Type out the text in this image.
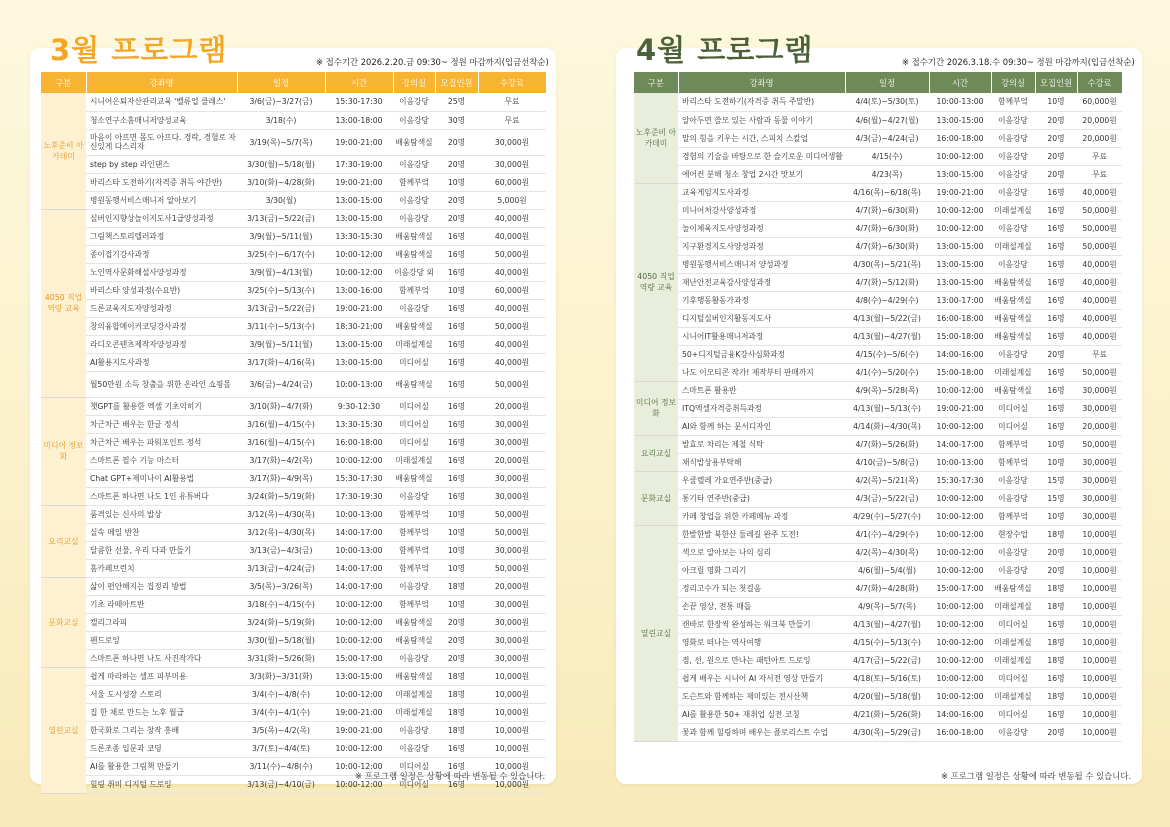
3월 프로그램	※ 접수기간 2026.2.20.금 09:30~ 정원 마감까지(입금선착순)
구분	강좌명	일정	시간	강의실	모집인원	수강료
노후준비 아카데미	시니어은퇴자산관리교육 '밸류업 클래스'	3/6(금)~3/27(금)	15:30-17:30	이음강당	25명	무료
	청소연구소홈매니저양성교육	3/18(수)	13:00-18:00	이음강당	30명	무료
	마음이 아프면 몸도 아프다. 경락, 경혈로 자신있게 다스리자	3/19(목)~5/7(목)	19:00-21:00	배움탐색실	20명	30,000원
	step by step 라인댄스	3/30(월)~5/18(월)	17:30-19:00	이음강당	20명	30,000원
	바리스타 도전하기(자격증 취득 야간반)	3/10(화)~4/28(화)	19:00-21:00	함께부엌	10명	60,000원
	병원동행서비스매니저 알아보기	3/30(월)	13:00-15:00	이음강당	20명	5,000원
4050 직업역량 교육	실버인지향상놀이지도사1급양성과정	3/13(금)~5/22(금)	13:00-15:00	이음강당	20명	40,000원
	그림책스토리텔러과정	3/9(월)~5/11(월)	13:30-15:30	배움탐색실	16명	40,000원
	종이접기강사과정	3/25(수)~6/17(수)	10:00-12:00	배움탐색실	16명	50,000원
	노인역사문화해설사양성과정	3/9(월)~4/13(월)	10:00-12:00	이음강당 외	16명	40,000원
	바리스타 양성과정(수요반)	3/25(수)~5/13(수)	13:00-16:00	함께부엌	10명	60,000원
	드론교육지도자양성과정	3/13(금)~5/22(금)	19:00-21:00	이음강당	16명	40,000원
	창의융합메이커코딩강사과정	3/11(수)~5/13(수)	18:30-21:00	배움탐색실	16명	50,000원
	라디오콘텐츠제작자양성과정	3/9(월)~5/11(월)	13:00-15:00	미래설계실	16명	40,000원
	AI활용지도사과정	3/17(화)~4/16(목)	13:00-15:00	미디어실	16명	40,000원
	월50만원 소득 창출을 위한 온라인 쇼핑몰	3/6(금)~4/24(금)	10:00-13:00	배움탐색실	16명	50,000원
미디어 정보화	챗GPT를 활용한 엑셀 기초익히기	3/10(화)~4/7(화)	9:30-12:30	미디어실	16명	20,000원
	차근차근 배우는 한글 정석	3/16(월)~4/15(수)	13:30-15:30	미디어실	16명	30,000원
	차근차근 배우는 파워포인트 정석	3/16(월)~4/15(수)	16:00-18:00	미디어실	16명	30,000원
	스마트폰 필수 기능 마스터	3/17(화)~4/2(목)	10:00-12:00	미래설계실	16명	20,000원
	Chat GPT+제미나이 AI활용법	3/17(화)~4/9(목)	15:30-17:30	배움탐색실	16명	30,000원
	스마트폰 하나면 나도 1인 유튜버다	3/24(화)~5/19(화)	17:30-19:30	이음강당	16명	30,000원
요리교실	품격있는 신사의 밥상	3/12(목)~4/30(목)	10:00-13:00	함께부엌	10명	50,000원
	실속 메일 반찬	3/12(목)~4/30(목)	14:00-17:00	함께부엌	10명	50,000원
	달콤한 선물, 우리 다과 만들기	3/13(금)~4/3(금)	10:00-13:00	함께부엌	10명	30,000원
	홈카페브런치	3/13(금)~4/24(금)	14:00-17:00	함께부엌	10명	50,000원
문화교실	삶이 편안해지는 집정리 방법	3/5(목)~3/26(목)	14:00-17:00	이음강당	18명	20,000원
	기초 라떼아트반	3/18(수)~4/15(수)	10:00-12:00	함께부엌	10명	30,000원
	캘리그라피	3/24(화)~5/19(화)	10:00-12:00	배움탐색실	20명	30,000원
	펜드로잉	3/30(월)~5/18(월)	10:00-12:00	배움탐색실	20명	30,000원
	스마트폰 하나면 나도 사진작가다	3/31(화)~5/26(화)	15:00-17:00	이음강당	20명	30,000원
열린교실	쉽게 따라하는 셀프 피부미용	3/3(화)~3/31(화)	13:00-15:00	배움탐색실	18명	10,000원
	서울 도시성장 스토리	3/4(수)~4/8(수)	10:00-12:00	미래설계실	18명	10,000원
	집 한 채로 만드는 노후 월급	3/4(수)~4/1(수)	19:00-21:00	미래설계실	18명	10,000원
	한국화로 그리는 창작 흥배	3/5(목)~4/2(목)	19:00-21:00	이음강당	18명	10,000원
	드론조종 입문과 코딩	3/7(토)~4/4(토)	10:00-12:00	이음강당	16명	10,000원
	AI를 활용한 그림책 만들기	3/11(수)~4/8(수)	10:00-12:00	미디어실	16명	10,000원
	힐링 취미 디지털 드로잉	3/13(금)~4/10(금)	10:00-12:00	미디어실	16명	10,000원
※ 프로그램 일정은 상황에 따라 변동될 수 있습니다.
4월 프로그램	※ 접수기간 2026.3.18.수 09:30~ 정원 마감까지(입금선착순)
구분	강좌명	일정	시간	강의실	모집인원	수강료
노후준비 아카데미	바리스타 도전하기(자격증 취득 주말반)	4/4(토)~5/30(토)	10:00-13:00	함께부엌	10명	60,000원
	알아두면 쓸모 있는 사람과 동물 이야기	4/6(월)~4/27(월)	13:00-15:00	이음강당	20명	20,000원
	말의 힘을 키우는 시간, 스피치 스칼업	4/3(금)~4/24(금)	16:00-18:00	이음강당	20명	20,000원
	경험의 기술을 바탕으로 한 슬기로운 미디어생활	4/15(수)	10:00-12:00	이음강당	20명	무료
	에어컨 분해 청소 창업 2시간 맛보기	4/23(목)	13:00-15:00	이음강당	20명	무료
4050 직업역량 교육	교육게임지도사과정	4/16(목)~6/18(목)	19:00-21:00	이음강당	16명	40,000원
	미니어처강사양성과정	4/7(화)~6/30(화)	10:00-12:00	미래설계실	16명	50,000원
	놀이체육지도사양성과정	4/7(화)~6/30(화)	10:00-12:00	이음강당	16명	50,000원
	지구환경지도사양성과정	4/7(화)~6/30(화)	13:00-15:00	미래설계실	16명	50,000원
	병원동행서비스매니저 양성과정	4/30(목)~5/21(목)	13:00-15:00	이음강당	16명	40,000원
	재난안전교육강사양성과정	4/7(화)~5/12(화)	13:00-15:00	배움탐색실	16명	40,000원
	기후행동활동가과정	4/8(수)~4/29(수)	13:00-17:00	배움탐색실	16명	40,000원
	디지털실버인지활동지도사	4/13(월)~5/22(금)	16:00-18:00	배움탐색실	16명	40,000원
	시니어IT활용매니저과정	4/13(월)~4/27(월)	15:00-18:00	배움탐색실	16명	40,000원
	50+디지털금융K강사심화과정	4/15(수)~5/6(수)	14:00-16:00	이음강당	20명	무료
	나도 이모티콘 작가! 제작부터 판매까지	4/1(수)~5/20(수)	15:00-18:00	미래설계실	16명	50,000원
미디어 정보화	스마트폰 활용반	4/9(목)~5/28(목)	10:00-12:00	배움탐색실	16명	30,000원
	ITQ엑셀자격증취득과정	4/13(월)~5/13(수)	19:00-21:00	미디어실	16명	30,000원
	AI와 함께 하는 문서디자인	4/14(화)~4/30(목)	10:00-12:00	미디어실	16명	20,000원
요리교실	발효로 차리는 제철 식탁	4/7(화)~5/26(화)	14:00-17:00	함께부엌	10명	50,000원
	채식밥상용부탁해	4/10(금)~5/8(금)	10:00-13:00	함께부엌	10명	30,000원
문화교실	우쿨렐레 가요연주반(중급)	4/2(목)~5/21(목)	15:30-17:30	이음강당	15명	30,000원
	통기타 연주반(중급)	4/3(금)~5/22(금)	10:00-12:00	이음강당	15명	30,000원
	카페 창업을 위한 카페메뉴 과정	4/29(수)~5/27(수)	10:00-12:00	함께부엌	10명	30,000원
열린교실	한발한발 북한산 둘레길 완주 도전!	4/1(수)~4/29(수)	10:00-12:00	현장수업	18명	10,000원
	색으로 알아보는 나의 심리	4/2(목)~4/30(목)	10:00-12:00	이음강당	20명	10,000원
	아크릴 명화 그리기	4/6(월)~5/4(월)	10:00-12:00	이음강당	20명	10,000원
	정리고수가 되는 첫걸음	4/7(화)~4/28(화)	15:00-17:00	배움탐색실	18명	10,000원
	손끝 영상, 전통 매듭	4/9(목)~5/7(목)	10:00-12:00	미래설계실	18명	10,000원
	캔바로 한장씩 완성하는 워크북 만들기	4/13(월)~4/27(월)	10:00-12:00	미디어실	16명	10,000원
	영화로 떠나는 역사여행	4/15(수)~5/13(수)	10:00-12:00	미래설계실	18명	10,000원
	점, 선, 원으로 만나는 패턴아트 드로잉	4/17(금)~5/22(금)	10:00-12:00	미래설계실	18명	10,000원
	쉽게 배우는 시니어 AI 자서전 영상 만들기	4/18(토)~5/16(토)	10:00-12:00	미디어실	16명	10,000원
	도슨트와 함께하는 재미있는 전시산책	4/20(월)~5/18(월)	10:00-12:00	미래설계실	18명	10,000원
	AI를 활용한 50+ 재취업 실전 코칭	4/21(화)~5/26(화)	14:00-16:00	미디어실	16명	10,000원
	꽃과 함께 힐링하며 배우는 플로리스트 수업	4/30(목)~5/29(금)	16:00-18:00	이음강당	20명	10,000원
※ 프로그램 일정은 상황에 따라 변동될 수 있습니다.
